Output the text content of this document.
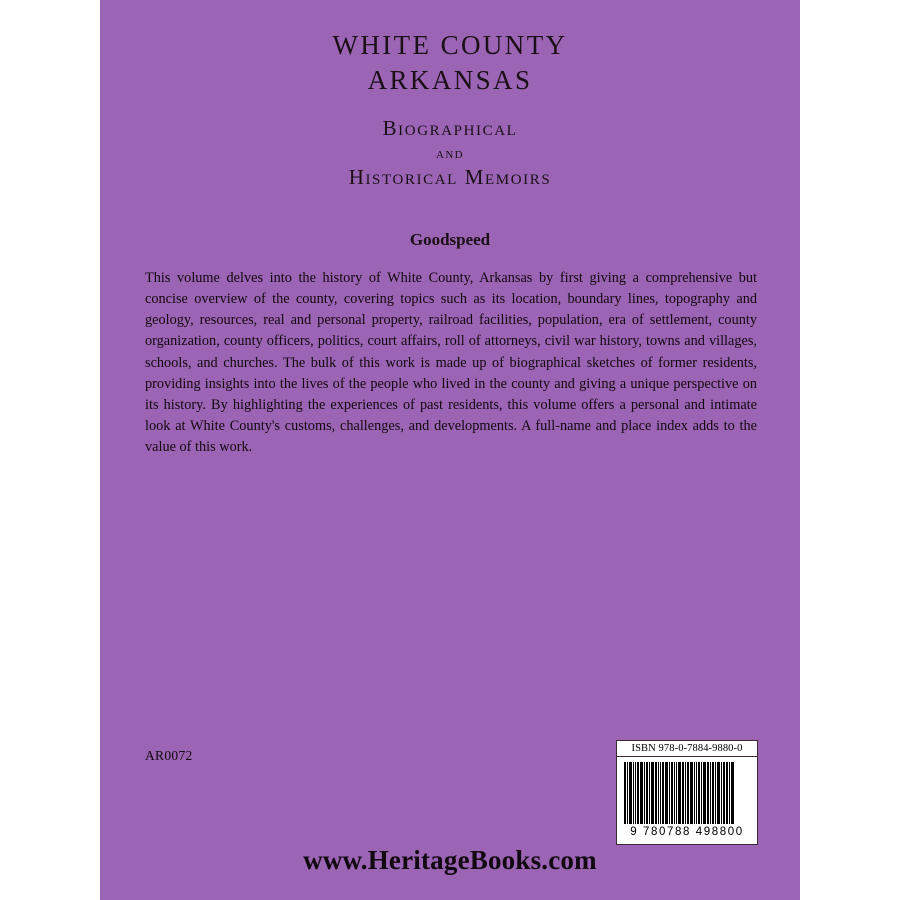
WHITE COUNTY
ARKANSAS
Biographical
and
Historical Memoirs
Goodspeed
This volume delves into the history of White County, Arkansas by first giving a comprehensive but concise overview of the county, covering topics such as its location, boundary lines, topography and geology, resources, real and personal property, railroad facilities, population, era of settlement, county organization, county officers, politics, court affairs, roll of attorneys, civil war history, towns and villages, schools, and churches. The bulk of this work is made up of biographical sketches of former residents, providing insights into the lives of the people who lived in the county and giving a unique perspective on its history. By highlighting the experiences of past residents, this volume offers a personal and intimate look at White County's customs, challenges, and developments. A full-name and place index adds to the value of this work.
AR0072	ISBN 978-0-7884-9880-0
9 780788 498800
www.HeritageBooks.com
